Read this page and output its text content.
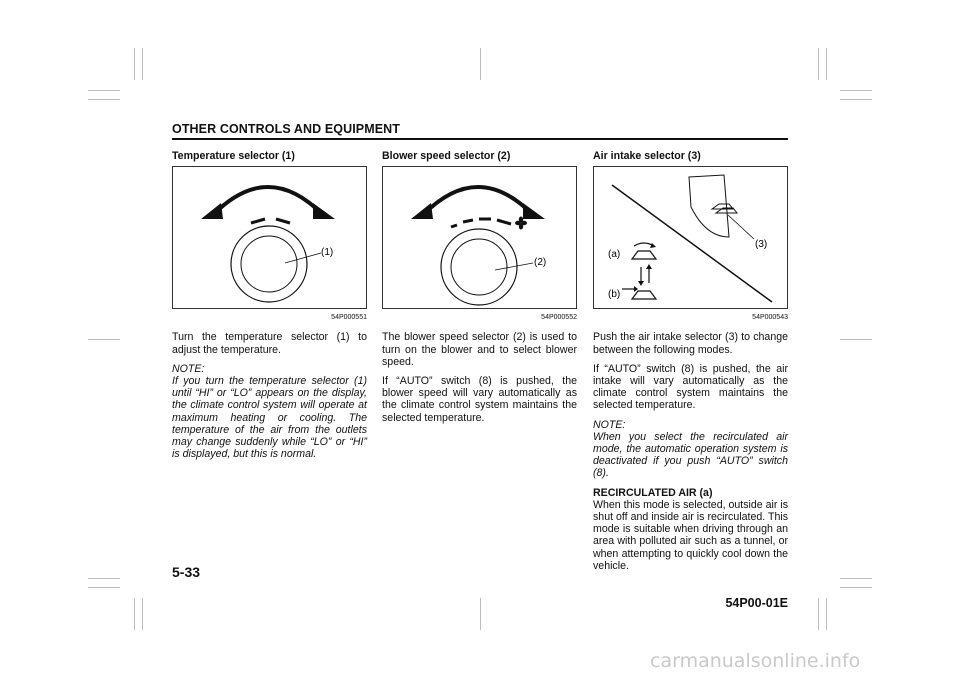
OTHER CONTROLS AND EQUIPMENT
Temperature selector (1)
(1)
54P000551

Turn the temperature selector (1) to adjust the temperature.

NOTE:

If you turn the temperature selector (1) until “HI” or “LO” appears on the display, the climate control system will operate at maximum heating or cooling. The temperature of the air from the outlets may change suddenly while “LO” or “HI” is displayed, but this is normal.

Blower speed selector (2)
(2)
54P000552

The blower speed selector (2) is used to turn on the blower and to select blower speed.

If “AUTO” switch (8) is pushed, the blower speed will vary automatically as the climate control system maintains the selected temperature.

Air intake selector (3)
(3)
(a)
(b)
54P000543

Push the air intake selector (3) to change between the following modes.

If “AUTO” switch (8) is pushed, the air intake will vary automatically as the climate control system maintains the selected temperature.

NOTE:

When you select the recirculated air mode, the automatic operation system is deactivated if you push “AUTO” switch (8).

RECIRCULATED AIR (a)

When this mode is selected, outside air is shut off and inside air is recirculated. This mode is suitable when driving through an area with polluted air such as a tunnel, or when attempting to quickly cool down the vehicle.

5-33
54P00-01E
carmanualsonline.info
